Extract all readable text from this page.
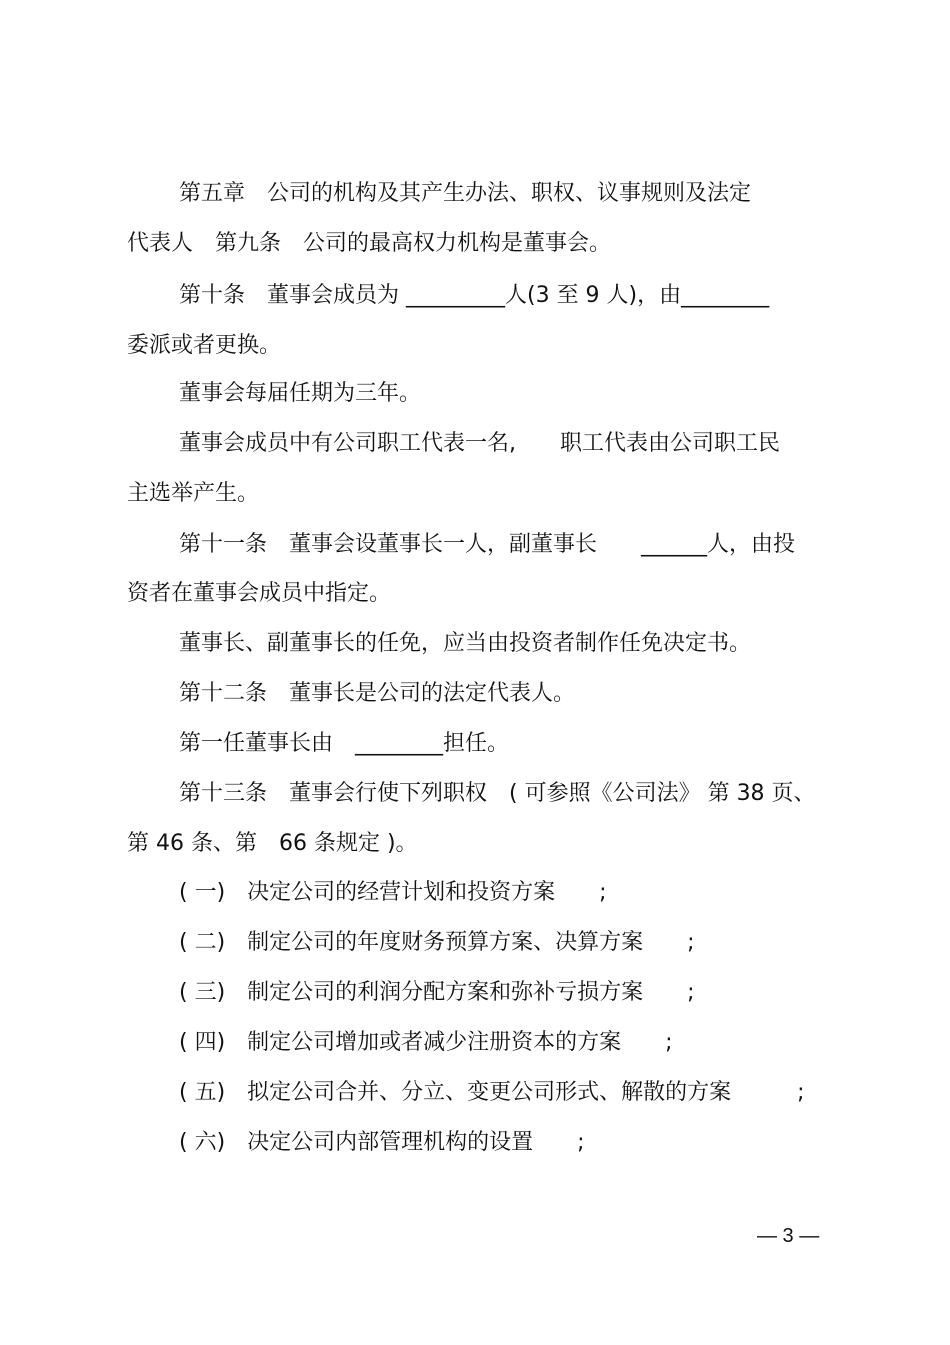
第五章　公司的机构及其产生办法、职权、议事规则及法定
代表人　第九条　公司的最高权力机构是董事会。
第十条　董事会成员为 _________人(3 至 9 人)，由________
委派或者更换。
董事会每届任期为三年。
董事会成员中有公司职工代表一名,　　职工代表由公司职工民
主选举产生。
第十一条　董事会设董事长一人，副董事长　　______人，由投
资者在董事会成员中指定。
董事长、副董事长的任免，应当由投资者制作任免决定书。
第十二条　董事长是公司的法定代表人。
第一任董事长由　________担任。
第十三条　董事会行使下列职权　( 可参照《公司法》 第 38 页、
第 46 条、第　66 条规定 )。
( 一)　决定公司的经营计划和投资方案　　;
( 二)　制定公司的年度财务预算方案、决算方案　　;
( 三)　制定公司的利润分配方案和弥补亏损方案　　;
( 四)　制定公司增加或者减少注册资本的方案　　;
( 五)　拟定公司合并、分立、变更公司形式、解散的方案　　　;
( 六)　决定公司内部管理机构的设置　　;
— 3 —
